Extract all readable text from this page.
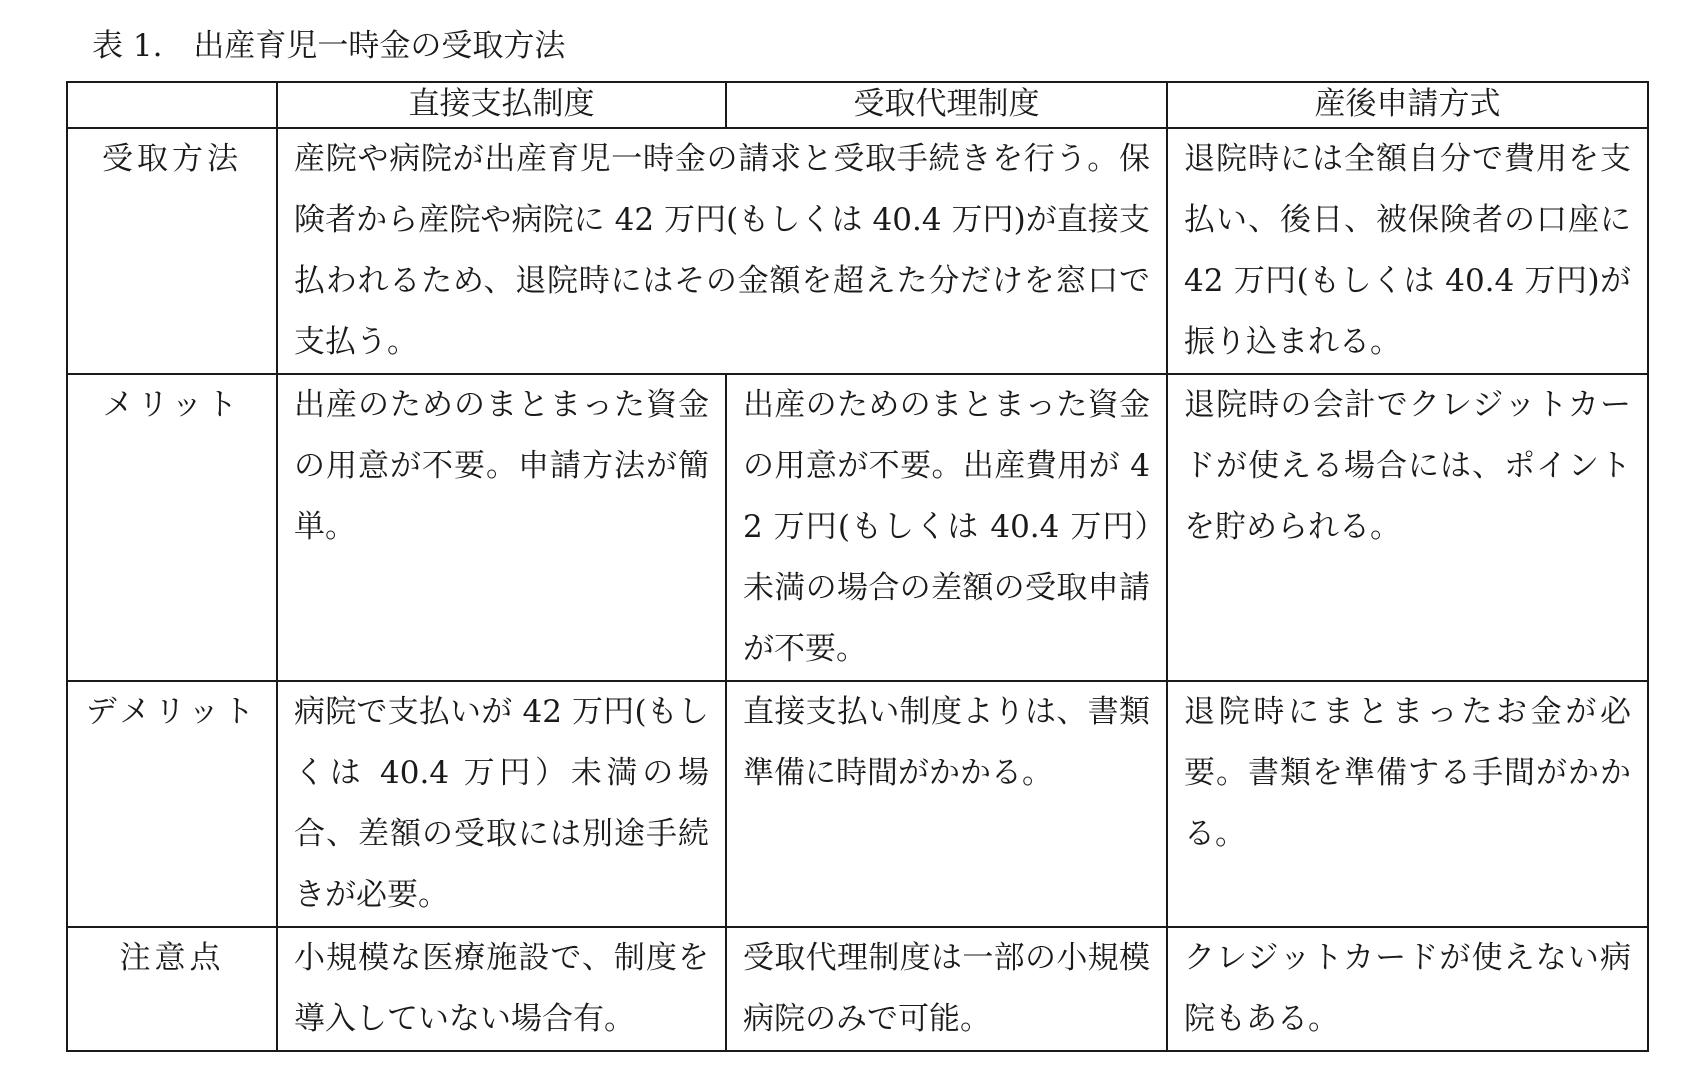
表 1.　出産育児一時金の受取方法
	直接支払制度	受取代理制度	産後申請方式
受取方法	産院や病院が出産育児一時金の請求と受取手続きを行う。保険者から産院や病院に 42 万円(もしくは 40.4 万円)が直接支払われるため、退院時にはその金額を超えた分だけを窓口で支払う。		退院時には全額自分で費用を支払い、後日、被保険者の口座に 42 万円(もしくは 40.4 万円)が振り込まれる。
メリット	出産のためのまとまった資金の用意が不要。申請方法が簡単。	出産のためのまとまった資金の用意が不要。出産費用が 42 万円(もしくは 40.4 万円）未満の場合の差額の受取申請が不要。	退院時の会計でクレジットカードが使える場合には、ポイントを貯められる。
デメリット	病院で支払いが 42 万円(もしくは 40.4 万円）未満の場合、差額の受取には別途手続きが必要。	直接支払い制度よりは、書類準備に時間がかかる。	退院時にまとまったお金が必要。書類を準備する手間がかかる。
注意点	小規模な医療施設で、制度を導入していない場合有。	受取代理制度は一部の小規模病院のみで可能。	クレジットカードが使えない病院もある。
